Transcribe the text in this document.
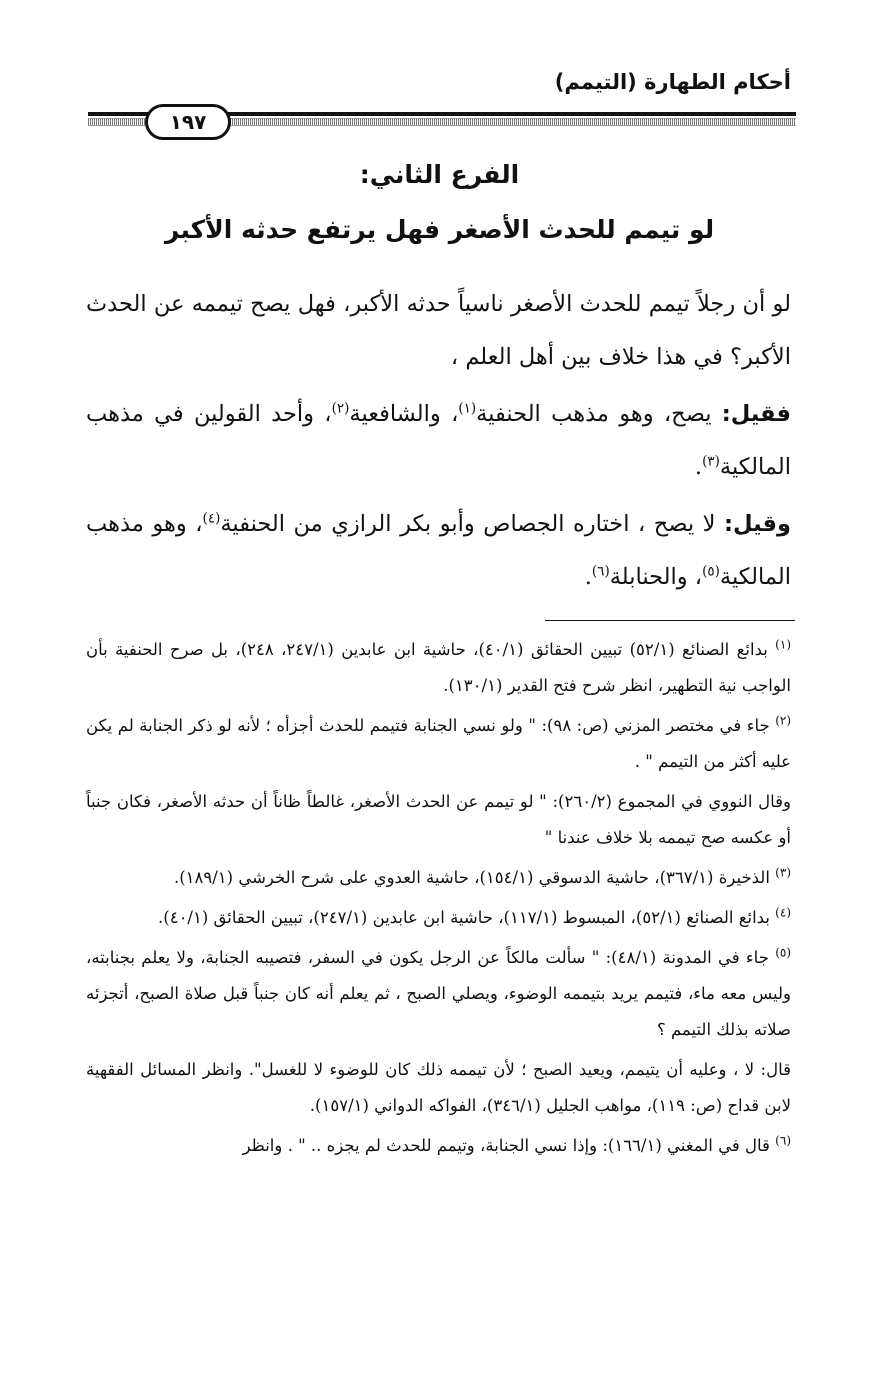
أحكام الطهارة (التيمم)
١٩٧
الفرع الثاني:
لو تيمم للحدث الأصغر فهل يرتفع حدثه الأكبر

لو أن رجلاً تيمم للحدث الأصغر ناسياً حدثه الأكبر، فهل يصح تيممه عن الحدث الأكبر؟ في هذا خلاف بين أهل العلم ،

فقيل: يصح، وهو مذهب الحنفية$^{(١)}$، والشافعية$^{(٢)}$، وأحد القولين في مذهب المالكية$^{(٣)}$.

وقيل: لا يصح ، اختاره الجصاص وأبو بكر الرازي من الحنفية$^{(٤)}$، وهو مذهب المالكية$^{(٥)}$، والحنابلة$^{(٦)}$.

$^{(١)}$ بدائع الصنائع (٥٢/١) تبيين الحقائق (٤٠/١)، حاشية ابن عابدين (٢٤٧/١، ٢٤٨)، بل صرح الحنفية بأن الواجب نية التطهير، انظر شرح فتح القدير (١٣٠/١).

$^{(٢)}$ جاء في مختصر المزني (ص: ٩٨): " ولو نسي الجنابة فتيمم للحدث أجزأه ؛ لأنه لو ذكر الجنابة لم يكن عليه أكثر من التيمم " .

وقال النووي في المجموع (٢٦٠/٢): " لو تيمم عن الحدث الأصغر، غالطاً ظاناً أن حدثه الأصغر، فكان جنباً أو عكسه صح تيممه بلا خلاف عندنا "

$^{(٣)}$ الذخيرة (٣٦٧/١)، حاشية الدسوقي (١٥٤/١)، حاشية العدوي على شرح الخرشي (١٨٩/١).

$^{(٤)}$ بدائع الصنائع (٥٢/١)، المبسوط (١١٧/١)، حاشية ابن عابدين (٢٤٧/١)، تبيين الحقائق (٤٠/١).

$^{(٥)}$ جاء في المدونة (٤٨/١): " سألت مالكاً عن الرجل يكون في السفر، فتصيبه الجنابة، ولا يعلم بجنابته، وليس معه ماء، فتيمم يريد بتيممه الوضوء، ويصلي الصبح ، ثم يعلم أنه كان جنباً قبل صلاة الصبح، أتجزئه صلاته بذلك التيمم ؟

قال: لا ، وعليه أن يتيمم، ويعيد الصبح ؛ لأن تيممه ذلك كان للوضوء لا للغسل". وانظر المسائل الفقهية لابن قداح (ص: ١١٩)، مواهب الجليل (٣٤٦/١)، الفواكه الدواني (١٥٧/١).

$^{(٦)}$ قال في المغني (١٦٦/١): وإذا نسي الجنابة، وتيمم للحدث لم يجزه .. " . وانظر
